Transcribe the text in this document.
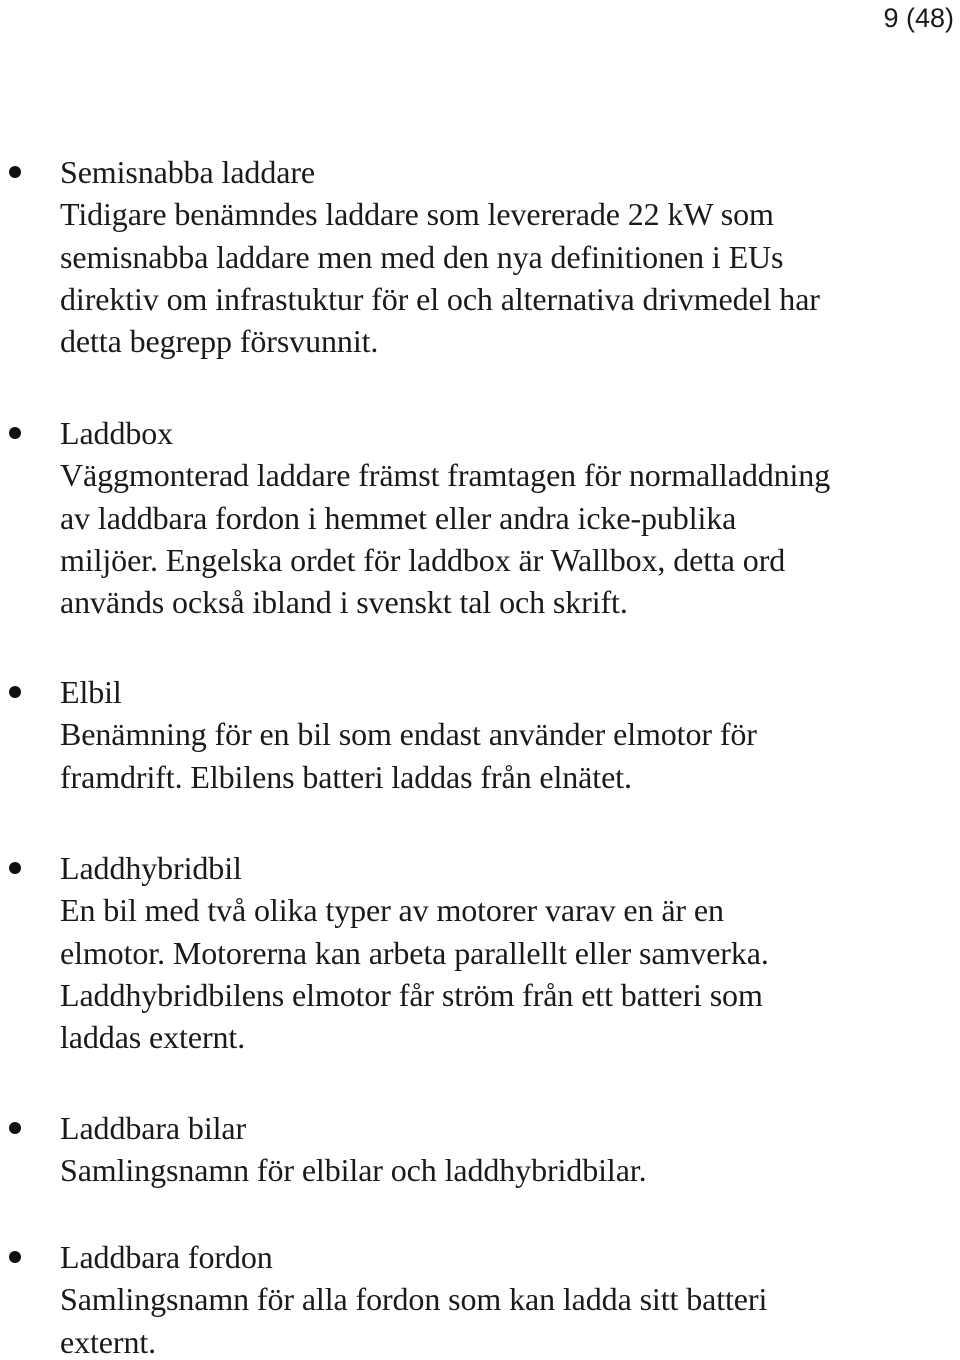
9 (48)
Semisnabba laddare
Tidigare benämndes laddare som levererade 22 kW som
semisnabba laddare men med den nya definitionen i EUs
direktiv om infrastuktur för el och alternativa drivmedel har
detta begrepp försvunnit.
Laddbox
Väggmonterad laddare främst framtagen för normalladdning
av laddbara fordon i hemmet eller andra icke-publika
miljöer. Engelska ordet för laddbox är Wallbox, detta ord
används också ibland i svenskt tal och skrift.
Elbil
Benämning för en bil som endast använder elmotor för
framdrift. Elbilens batteri laddas från elnätet.
Laddhybridbil
En bil med två olika typer av motorer varav en är en
elmotor. Motorerna kan arbeta parallellt eller samverka.
Laddhybridbilens elmotor får ström från ett batteri som
laddas externt.
Laddbara bilar
Samlingsnamn för elbilar och laddhybridbilar.
Laddbara fordon
Samlingsnamn för alla fordon som kan ladda sitt batteri
externt.
